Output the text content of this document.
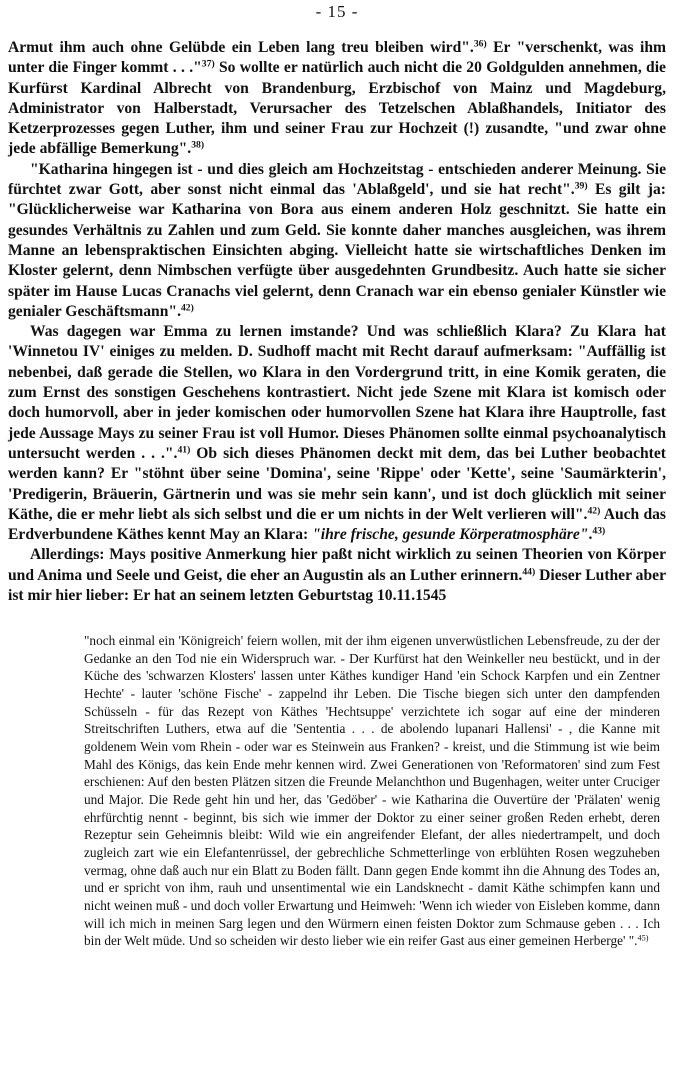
- 15 -

Armut ihm auch ohne Gelübde ein Leben lang treu bleiben wird".$^{36)}$ Er "verschenkt, was ihm unter die Finger kommt . . ."$^{37)}$ So wollte er natürlich auch nicht die 20 Goldgulden annehmen, die Kurfürst Kardinal Albrecht von Brandenburg, Erzbischof von Mainz und Magdeburg, Administrator von Halberstadt, Verursacher des Tetzelschen Ablaßhandels, Initiator des Ketzerprozesses gegen Luther, ihm und seiner Frau zur Hochzeit (!) zusandte, "und zwar ohne jede abfällige Bemerkung".$^{38)}$

"Katharina hingegen ist - und dies gleich am Hochzeitstag - entschieden anderer Meinung. Sie fürchtet zwar Gott, aber sonst nicht einmal das 'Ablaßgeld', und sie hat recht".$^{39)}$ Es gilt ja: "Glücklicherweise war Katharina von Bora aus einem anderen Holz geschnitzt. Sie hatte ein gesundes Verhältnis zu Zahlen und zum Geld. Sie konnte daher manches ausgleichen, was ihrem Manne an lebenspraktischen Einsichten abging. Vielleicht hatte sie wirtschaftliches Denken im Kloster gelernt, denn Nimbschen verfügte über ausgedehnten Grundbesitz. Auch hatte sie sicher später im Hause Lucas Cranachs viel gelernt, denn Cranach war ein ebenso genialer Künstler wie genialer Geschäftsmann".$^{42)}$

Was dagegen war Emma zu lernen imstande? Und was schließlich Klara? Zu Klara hat 'Winnetou IV' einiges zu melden. D. Sudhoff macht mit Recht darauf aufmerksam: "Auffällig ist nebenbei, daß gerade die Stellen, wo Klara in den Vordergrund tritt, in eine Komik geraten, die zum Ernst des sonstigen Geschehens kontrastiert. Nicht jede Szene mit Klara ist komisch oder doch humorvoll, aber in jeder komischen oder humorvollen Szene hat Klara ihre Hauptrolle, fast jede Aussage Mays zu seiner Frau ist voll Humor. Dieses Phänomen sollte einmal psychoanalytisch untersucht werden . . .".$^{41)}$ Ob sich dieses Phänomen deckt mit dem, das bei Luther beobachtet werden kann? Er "stöhnt über seine 'Domina', seine 'Rippe' oder 'Kette', seine 'Saumärkterin', 'Predigerin, Bräuerin, Gärtnerin und was sie mehr sein kann', und ist doch glücklich mit seiner Käthe, die er mehr liebt als sich selbst und die er um nichts in der Welt verlieren will".$^{42)}$ Auch das Erdverbundene Käthes kennt May an Klara: "ihre frische, gesunde Körperatmosphäre".$^{43)}$

Allerdings: Mays positive Anmerkung hier paßt nicht wirklich zu seinen Theorien von Körper und Anima und Seele und Geist, die eher an Augustin als an Luther erinnern.$^{44)}$ Dieser Luther aber ist mir hier lieber: Er hat an seinem letzten Geburtstag 10.11.1545

"noch einmal ein 'Königreich' feiern wollen, mit der ihm eigenen unverwüstlichen Lebensfreude, zu der der Gedanke an den Tod nie ein Widerspruch war. - Der Kurfürst hat den Weinkeller neu bestückt, und in der Küche des 'schwarzen Klosters' lassen unter Käthes kundiger Hand 'ein Schock Karpfen und ein Zentner Hechte' - lauter 'schöne Fische' - zappelnd ihr Leben. Die Tische biegen sich unter den dampfenden Schüsseln - für das Rezept von Käthes 'Hechtsuppe' verzichtete ich sogar auf eine der minderen Streitschriften Luthers, etwa auf die 'Sententia . . . de abolendo lupanari Hallensi' - , die Kanne mit goldenem Wein vom Rhein - oder war es Steinwein aus Franken? - kreist, und die Stimmung ist wie beim Mahl des Königs, das kein Ende mehr kennen wird. Zwei Generationen von 'Reformatoren' sind zum Fest erschienen: Auf den besten Plätzen sitzen die Freunde Melanchthon und Bugenhagen, weiter unter Cruciger und Major. Die Rede geht hin und her, das 'Gedöber' - wie Katharina die Ouvertüre der 'Prälaten' wenig ehrfürchtig nennt - beginnt, bis sich wie immer der Doktor zu einer seiner großen Reden erhebt, deren Rezeptur sein Geheimnis bleibt: Wild wie ein angreifender Elefant, der alles niedertrampelt, und doch zugleich zart wie ein Elefantenrüssel, der gebrechliche Schmetterlinge von erblühten Rosen wegzuheben vermag, ohne daß auch nur ein Blatt zu Boden fällt. Dann gegen Ende kommt ihn die Ahnung des Todes an, und er spricht von ihm, rauh und unsentimental wie ein Landsknecht - damit Käthe schimpfen kann und nicht weinen muß - und doch voller Erwartung und Heimweh: 'Wenn ich wieder von Eisleben komme, dann will ich mich in meinen Sarg legen und den Würmern einen feisten Doktor zum Schmause geben . . . Ich bin der Welt müde. Und so scheiden wir desto lieber wie ein reifer Gast aus einer gemeinen Herberge' ".$^{45)}$
